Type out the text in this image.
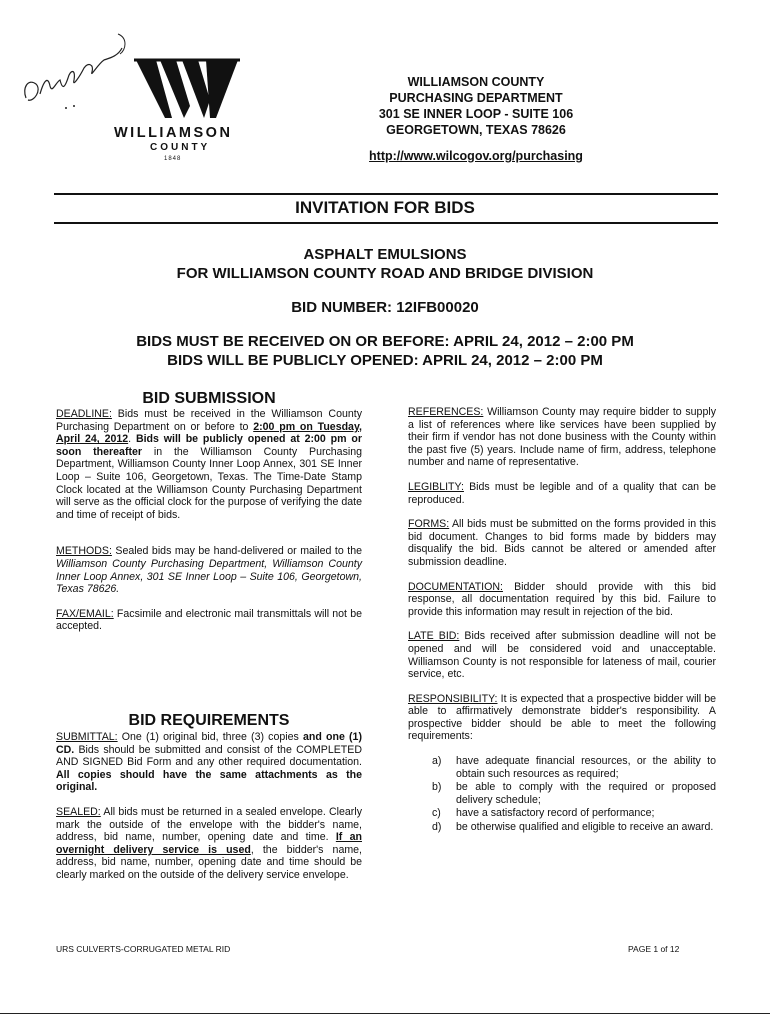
WILLIAMSON
COUNTY
1848
WILLIAMSON COUNTY
PURCHASING DEPARTMENT
301 SE INNER LOOP - SUITE 106
GEORGETOWN, TEXAS 78626
http://www.wilcogov.org/purchasing
INVITATION FOR BIDS
ASPHALT EMULSIONS
FOR WILLIAMSON COUNTY ROAD AND BRIDGE DIVISION
BID NUMBER: 12IFB00020
BIDS MUST BE RECEIVED ON OR BEFORE: APRIL 24, 2012 – 2:00 PM
BIDS WILL BE PUBLICLY OPENED: APRIL 24, 2012 – 2:00 PM
BID SUBMISSION

DEADLINE: Bids must be received in the Williamson County Purchasing Department on or before to 2:00 pm on Tuesday, April 24, 2012. Bids will be publicly opened at 2:00 pm or soon thereafter in the Williamson County Purchasing Department, Williamson County Inner Loop Annex, 301 SE Inner Loop – Suite 106, Georgetown, Texas. The Time-Date Stamp Clock located at the Williamson County Purchasing Department will serve as the official clock for the purpose of verifying the date and time of receipt of bids.

METHODS: Sealed bids may be hand-delivered or mailed to the Williamson County Purchasing Department, Williamson County Inner Loop Annex, 301 SE Inner Loop – Suite 106, Georgetown, Texas 78626.

FAX/EMAIL: Facsimile and electronic mail transmittals will not be accepted.

BID REQUIREMENTS

SUBMITTAL: One (1) original bid, three (3) copies and one (1) CD. Bids should be submitted and consist of the COMPLETED AND SIGNED Bid Form and any other required documentation. All copies should have the same attachments as the original.

SEALED: All bids must be returned in a sealed envelope. Clearly mark the outside of the envelope with the bidder's name, address, bid name, number, opening date and time. If an overnight delivery service is used, the bidder's name, address, bid name, number, opening date and time should be clearly marked on the outside of the delivery service envelope.

REFERENCES: Williamson County may require bidder to supply a list of references where like services have been supplied by their firm if vendor has not done business with the County within the past five (5) years. Include name of firm, address, telephone number and name of representative.

LEGIBLITY: Bids must be legible and of a quality that can be reproduced.

FORMS: All bids must be submitted on the forms provided in this bid document. Changes to bid forms made by bidders may disqualify the bid. Bids cannot be altered or amended after submission deadline.

DOCUMENTATION: Bidder should provide with this bid response, all documentation required by this bid. Failure to provide this information may result in rejection of the bid.

LATE BID: Bids received after submission deadline will not be opened and will be considered void and unacceptable. Williamson County is not responsible for lateness of mail, courier service, etc.

RESPONSIBILITY: It is expected that a prospective bidder will be able to affirmatively demonstrate bidder's responsibility. A prospective bidder should be able to meet the following requirements:

a) have adequate financial resources, or the ability to obtain such resources as required;
b) be able to comply with the required or proposed delivery schedule;
c) have a satisfactory record of performance;
d) be otherwise qualified and eligible to receive an award.
URS CULVERTS-CORRUGATED METAL RID	PAGE 1 of 12
